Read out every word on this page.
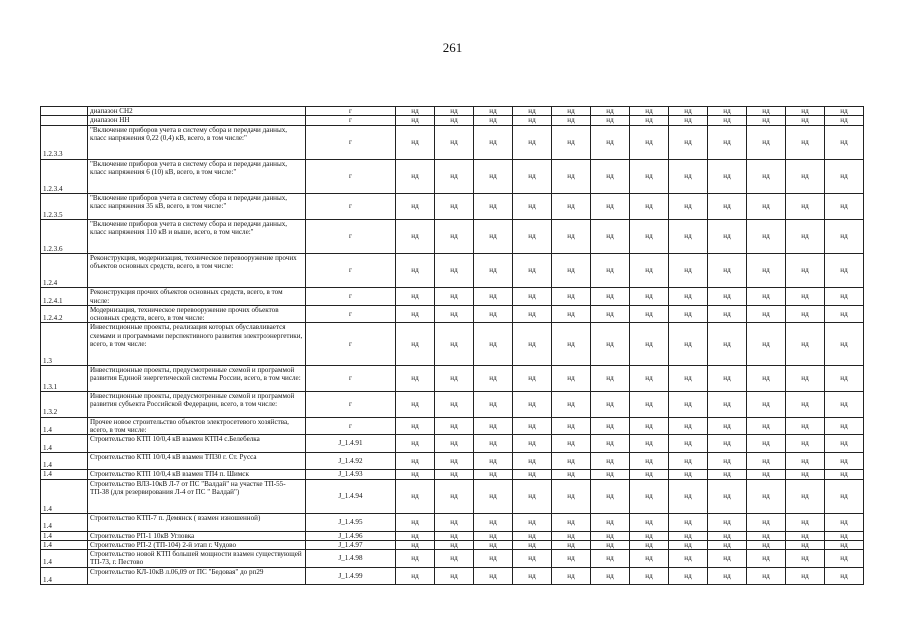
261
	диапазон СН2	г	нд	нд	нд	нд	нд	нд	нд	нд	нд	нд	нд	нд
	диапазон НН	г	нд	нд	нд	нд	нд	нд	нд	нд	нд	нд	нд	нд
1.2.3.3	"Включение приборов учета в систему сбора и передачи данных, класс напряжения 0,22 (0,4) кВ, всего, в том числе:"	г	нд	нд	нд	нд	нд	нд	нд	нд	нд	нд	нд	нд
1.2.3.4	"Включение приборов учета в систему сбора и передачи данных, класс напряжения 6 (10) кВ, всего, в том числе:"	г	нд	нд	нд	нд	нд	нд	нд	нд	нд	нд	нд	нд
1.2.3.5	"Включение приборов учета в систему сбора и передачи данных, класс напряжения 35 кВ, всего, в том числе:"	г	нд	нд	нд	нд	нд	нд	нд	нд	нд	нд	нд	нд
1.2.3.6	"Включение приборов учета в систему сбора и передачи данных, класс напряжения 110 кВ и выше, всего, в том числе:"	г	нд	нд	нд	нд	нд	нд	нд	нд	нд	нд	нд	нд
1.2.4	Реконструкция, модернизация, техническое перевооружение прочих объектов основных средств, всего, в том числе:	г	нд	нд	нд	нд	нд	нд	нд	нд	нд	нд	нд	нд
1.2.4.1	Реконструкция прочих объектов основных средств, всего, в том числе:	г	нд	нд	нд	нд	нд	нд	нд	нд	нд	нд	нд	нд
1.2.4.2	Модернизация, техническое перевооружение прочих объектов основных средств, всего, в том числе:	г	нд	нд	нд	нд	нд	нд	нд	нд	нд	нд	нд	нд
1.3	Инвестиционные проекты, реализация которых обуславливается схемами и программами перспективного развития электроэнергетики, всего, в том числе:	г	нд	нд	нд	нд	нд	нд	нд	нд	нд	нд	нд	нд
1.3.1	Инвестиционные проекты, предусмотренные схемой и программой развития Единой энергетической системы России, всего, в том числе:	г	нд	нд	нд	нд	нд	нд	нд	нд	нд	нд	нд	нд
1.3.2	Инвестиционные проекты, предусмотренные схемой и программой развития субъекта Российской Федерации, всего, в том числе:	г	нд	нд	нд	нд	нд	нд	нд	нд	нд	нд	нд	нд
1.4	Прочее новое строительство объектов электросетевого хозяйства, всего, в том числе:	г	нд	нд	нд	нд	нд	нд	нд	нд	нд	нд	нд	нд
1.4	Строительство КТП 10/0,4 кВ взамен КТП4 с.Белебелка	J_1.4.91	нд	нд	нд	нд	нд	нд	нд	нд	нд	нд	нд	нд
1.4	Строительство КТП 10/0,4 кВ взамен ТП30 г. Ст. Русса	J_1.4.92	нд	нд	нд	нд	нд	нд	нд	нд	нд	нд	нд	нд
1.4	Строительство КТП 10/0,4 кВ взамен ТП4 п. Шимск	J_1.4.93	нд	нд	нд	нд	нд	нд	нд	нд	нд	нд	нд	нд
1.4	Строительство ВЛЗ-10кВ Л-7 от ПС "Валдай" на участке ТП-55-ТП-38 (для резервирования Л-4 от ПС " Валдай")	J_1.4.94	нд	нд	нд	нд	нд	нд	нд	нд	нд	нд	нд	нд
1.4	Строительство КТП-7 п. Демянск ( взамен изношенной)	J_1.4.95	нд	нд	нд	нд	нд	нд	нд	нд	нд	нд	нд	нд
1.4	Строительство РП-1 10кВ Угловка	J_1.4.96	нд	нд	нд	нд	нд	нд	нд	нд	нд	нд	нд	нд
1.4	Строительство РП-2 (ТП-104) 2-й этап г. Чудово	J_1.4.97	нд	нд	нд	нд	нд	нд	нд	нд	нд	нд	нд	нд
1.4	Строительство новой КТП большей мощности взамен существующей ТП-73, г. Пестово	J_1.4.98	нд	нд	нд	нд	нд	нд	нд	нд	нд	нд	нд	нд
1.4	Строительство КЛ-10кВ л.06,09 от ПС "Бедовая" до рп29	J_1.4.99	нд	нд	нд	нд	нд	нд	нд	нд	нд	нд	нд	нд
